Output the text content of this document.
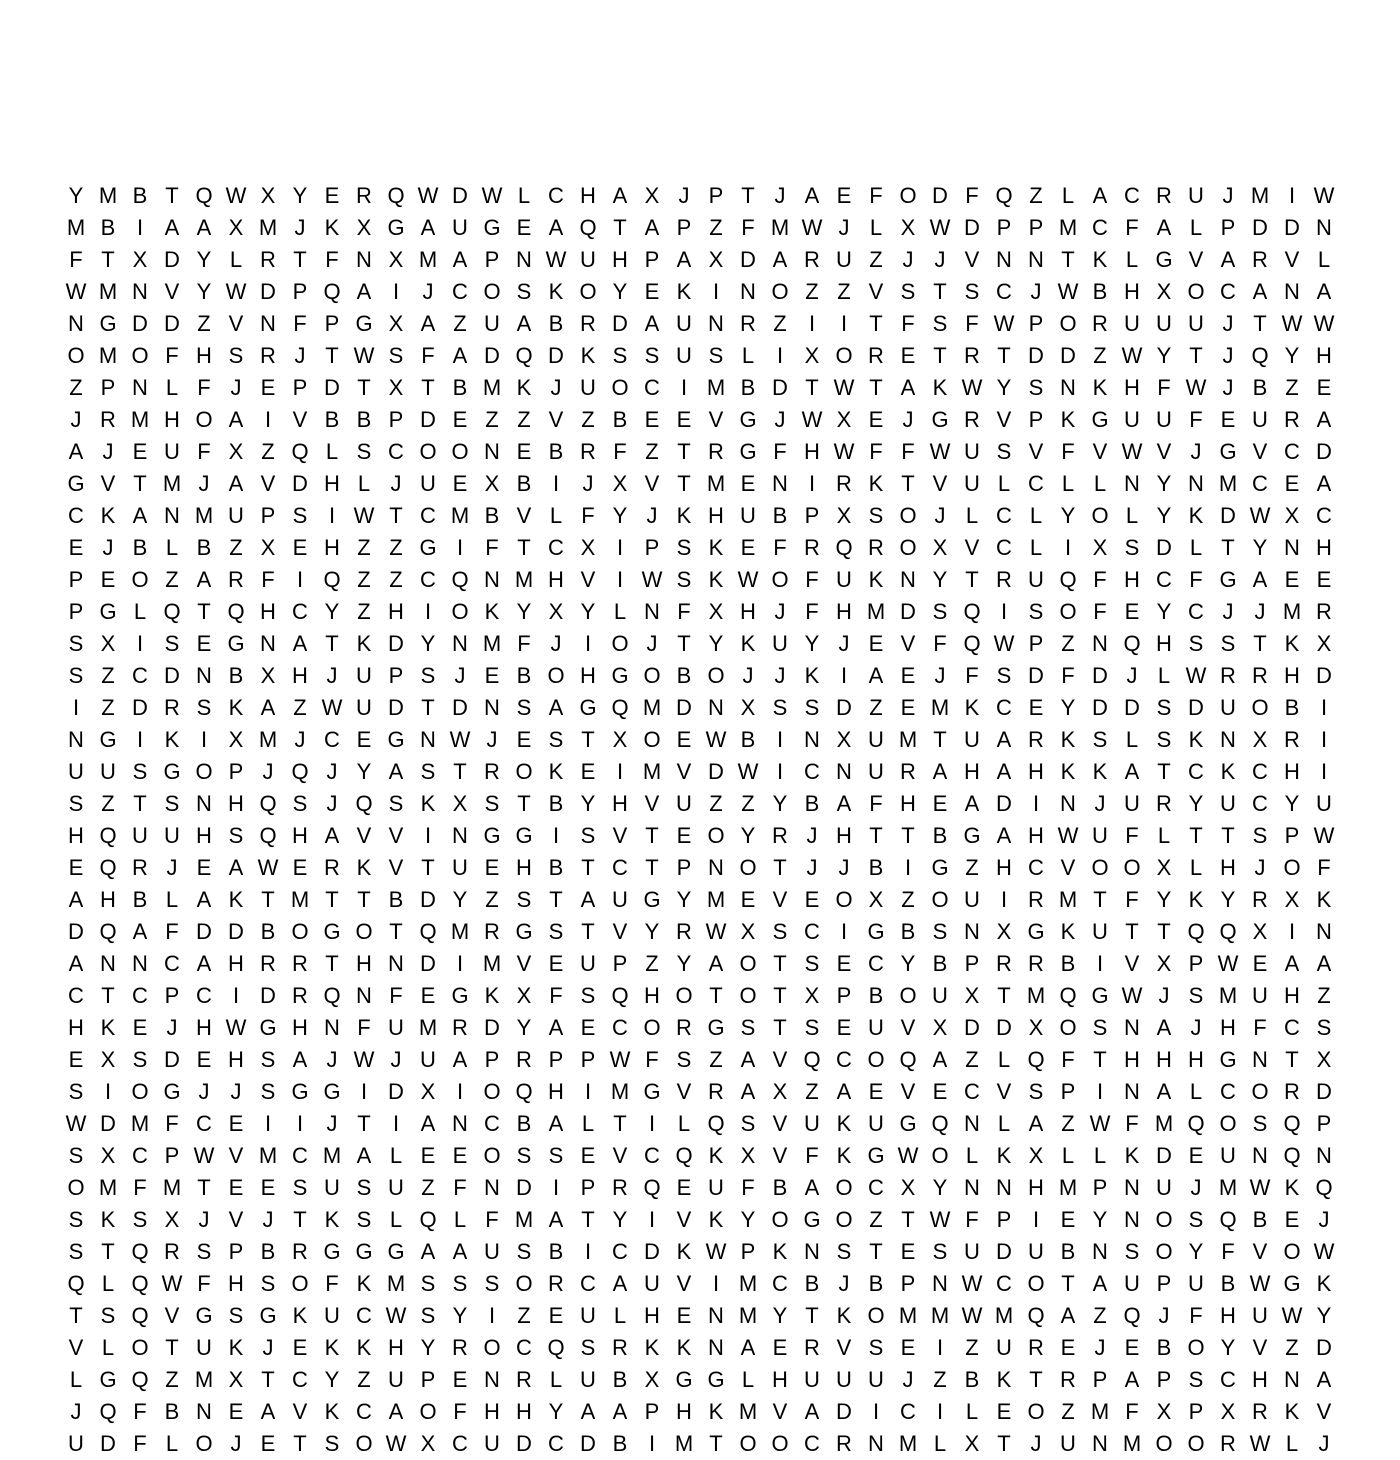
Y M B T Q W X Y E R Q W D W L C H A X J P T J A E F O D F Q Z L A C R U J M I W
M B I A A X M J K X G A U G E A Q T A P Z F M W J L X W D P P M C F A L P D D N
F T X D Y L R T F N X M A P N W U H P A X D A R U Z J J V N N T K L G V A R V L
W M N V Y W D P Q A I	J C O S K O Y E K I N O Z Z V S T S C J W B H X O C A N A
N G D D Z V N F P G X A Z U A B R D A U N R Z	I	I	T F S F W P O R U U U J T W W
O M O F H S R J T W S F A D Q D K S S U S L	I X O R E T R T D D Z W Y T J Q Y H
Z P N L F J E P D T X T B M K J U O C I M B D T W T A K W Y S N K H F W J B Z E
J R M H O A I V B B P D E Z Z V Z B E E V G J W X E J G R V P K G U U F E U R A
A J E U F X Z Q L S C O O N E B R F Z T R G F H W F F W U S V F V W V J G V C D
G V T M J A V D H L J U E X B I	J X V T M E N I R K T V U L C L L N Y N M C E A
C K A N M U P S I W T C M B V L F Y J K H U B P X S O J L C L Y O L Y K D W X C
E J B L B Z X E H Z Z G I	F T C X I P S K E F R Q R O X V C L	I X S D L T Y N H
P E O Z A R F	I Q Z Z C Q N M H V I W S K W O F U K N Y T R U Q F H C F G A E E
P G L Q T Q H C Y Z H I O K Y X Y L N F X H J F H M D S Q I S O F E Y C J J M R
S X I S E G N A T K D Y N M F J	I O J T Y K U Y J E V F Q W P Z N Q H S S T K X
S Z C D N B X H J U P S J E B O H G O B O J J K I A E J F S D F D J L W R R H D
I	Z D R S K A Z W U D T D N S A G Q M D N X S S D Z E M K C E Y D D S D U O B I
N G I K I X M J C E G N W J E S T X O E W B I N X U M T U A R K S L S K N X R I
U U S G O P J Q J Y A S T R O K E I M V D W I C N U R A H A H K K A T C K C H I
S Z T S N H Q S J Q S K X S T B Y H V U Z Z Y B A F H E A D I N J U R Y U C Y U
H Q U U H S Q H A V V I N G G I S V T E O Y R J H T T B G A H W U F L T T S P W
E Q R J E A W E R K V T U E H B T C T P N O T J J B I G Z H C V O O X L H J O F
A H B L A K T M T T B D Y Z S T A U G Y M E V E O X Z O U I R M T F Y K Y R X K
D Q A F D D B O G O T Q M R G S T V Y R W X S C I G B S N X G K U T T Q Q X I N
A N N C A H R R T H N D I M V E U P Z Y A O T S E C Y B P R R B I V X P W E A A
C T C P C I D R Q N F E G K X F S Q H O T O T X P B O U X T M Q G W J S M U H Z
H K E J H W G H N F U M R D Y A E C O R G S T S E U V X D D X O S N A J H F C S
E X S D E H S A J W J U A P R P P W F S Z A V Q C O Q A Z L Q F T H H H G N T X
S I O G J J S G G I D X I O Q H I M G V R A X Z A E V E C V S P I N A L C O R D
W D M F C E I	I	J T	I A N C B A L T	I	L Q S V U K U G Q N L A Z W F M Q O S Q P
S X C P W V M C M A L E E O S S E V C Q K X V F K G W O L K X L L K D E U N Q N
O M F M T E E S U S U Z F N D I P R Q E U F B A O C X Y N N H M P N U J M W K Q
S K S X J V J T K S L Q L F M A T Y I V K Y O G O Z T W F P I E Y N O S Q B E J
S T Q R S P B R G G G A A U S B I C D K W P K N S T E S U D U B N S O Y F V O W
Q L Q W F H S O F K M S S S O R C A U V I M C B J B P N W C O T A U P U B W G K
T S Q V G S G K U C W S Y I	Z E U L H E N M Y T K O M M W M Q A Z Q J F H U W Y
V L O T U K J E K K H Y R O C Q S R K K N A E R V S E I	Z U R E J E B O Y V Z D
L G Q Z M X T C Y Z U P E N R L U B X G G L H U U U J Z B K T R P A P S C H N A
J Q F B N E A V K C A O F H H Y A A P H K M V A D I C I	L E O Z M F X P X R K V
U D F L O J E T S O W X C U D C D B I M T O O C R N M L X T J U N M O O R W L J
